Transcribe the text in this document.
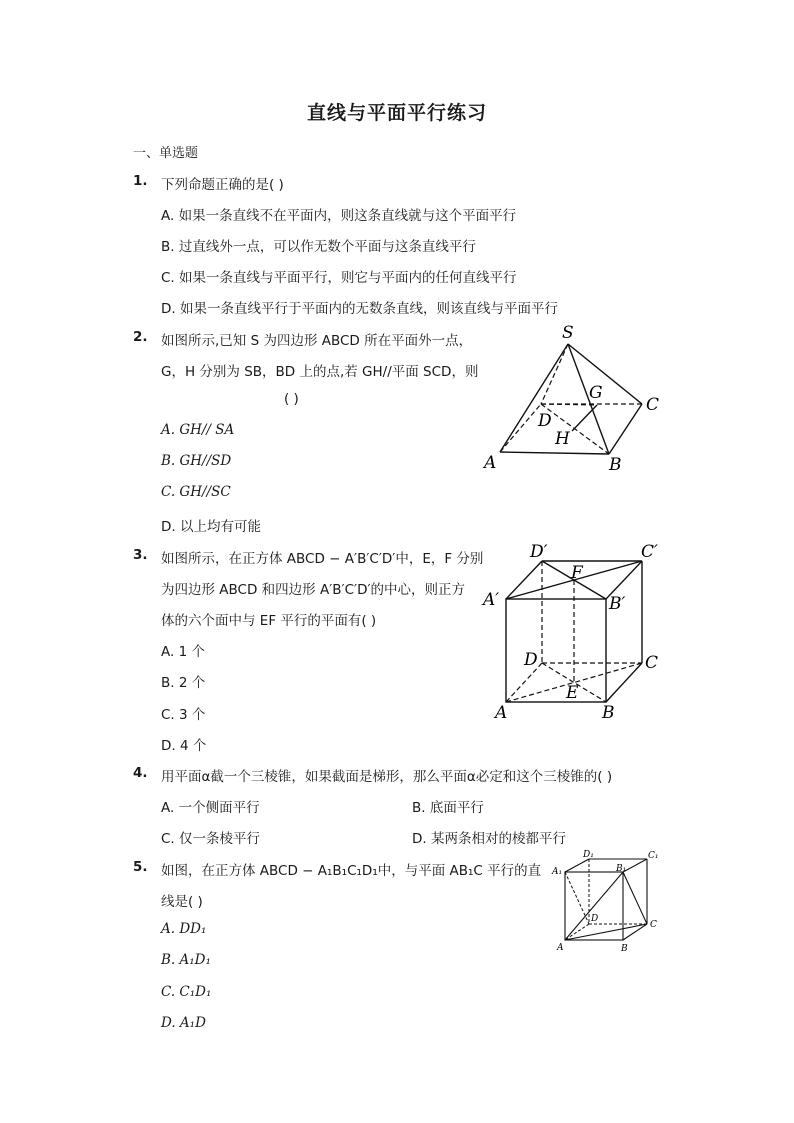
直线与平面平行练习
一、单选题
1. 下列命题正确的是( )
A. 如果一条直线不在平面内，则这条直线就与这个平面平行
B. 过直线外一点，可以作无数个平面与这条直线平行
C. 如果一条直线与平面平行，则它与平面内的任何直线平行
D. 如果一条直线平行于平面内的无数条直线，则该直线与平面平行
2. 如图所示,已知 S 为四边形 ABCD 所在平面外一点，
G，H 分别为 SB，BD 上的点,若 GH//平面 SCD，则
( )
A. GH// SA
B. GH//SD
C. GH//SC
D. 以上均有可能
S
A	B
C
D
G
H
3. 如图所示，在正方体 ABCD − A′B′C′D′中，E，F 分别
为四边形 ABCD 和四边形 A′B′C′D′的中心，则正方
体的六个面中与 EF 平行的平面有( )
A. 1 个
B. 2 个
C. 3 个
D. 4 个
D′	C′
A′	B′
F
D	C
E
A	B
4. 用平面α截一个三棱锥，如果截面是梯形，那么平面α必定和这个三棱锥的( )
A. 一个侧面平行	B. 底面平行
C. 仅一条棱平行	D. 某两条相对的棱都平行
5. 如图，在正方体 ABCD − A₁B₁C₁D₁中，与平面 AB₁C 平行的直
线是( )
A. DD₁
B. A₁D₁
C. C₁D₁
D. A₁D
D₁	C₁
A₁	B₁
D
C
A	B
